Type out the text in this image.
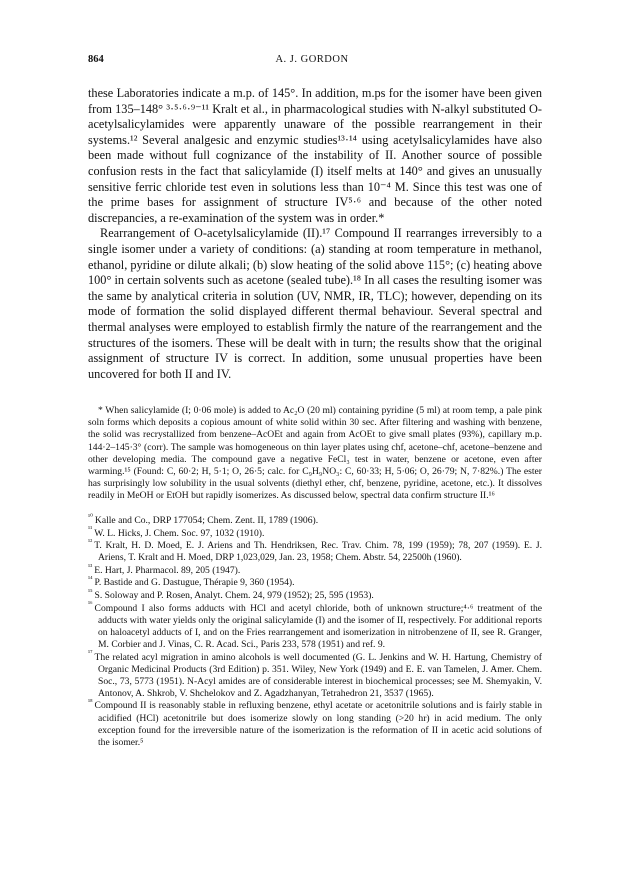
864	A. J. GORDON

these Laboratories indicate a m.p. of 145°. In addition, m.ps for the isomer have been given from 135–148° ³·⁵·⁶·⁹⁻¹¹ Kralt et al., in pharmacological studies with N-alkyl substituted O-acetylsalicylamides were apparently unaware of the possible rearrangement in their systems.¹² Several analgesic and enzymic studies¹³·¹⁴ using acetylsalicylamides have also been made without full cognizance of the instability of II. Another source of possible confusion rests in the fact that salicylamide (I) itself melts at 140° and gives an unusually sensitive ferric chloride test even in solutions less than 10⁻⁴ M. Since this test was one of the prime bases for assignment of structure IV⁵·⁶ and because of the other noted discrepancies, a re-examination of the system was in order.*

Rearrangement of O-acetylsalicylamide (II).¹⁷ Compound II rearranges irreversibly to a single isomer under a variety of conditions: (a) standing at room temperature in methanol, ethanol, pyridine or dilute alkali; (b) slow heating of the solid above 115°; (c) heating above 100° in certain solvents such as acetone (sealed tube).¹⁸ In all cases the resulting isomer was the same by analytical criteria in solution (UV, NMR, IR, TLC); however, depending on its mode of formation the solid displayed different thermal behaviour. Several spectral and thermal analyses were employed to establish firmly the nature of the rearrangement and the structures of the isomers. These will be dealt with in turn; the results show that the original assignment of structure IV is correct. In addition, some unusual properties have been uncovered for both II and IV.

* When salicylamide (I; 0·06 mole) is added to Ac₂O (20 ml) containing pyridine (5 ml) at room temp, a pale pink soln forms which deposits a copious amount of white solid within 30 sec. After filtering and washing with benzene, the solid was recrystallized from benzene–AcOEt and again from AcOEt to give small plates (93%), capillary m.p. 144·2–145·3° (corr). The sample was homogeneous on thin layer plates using chf, acetone–chf, acetone–benzene and other developing media. The compound gave a negative FeCl₃ test in water, benzene or acetone, even after warming.¹⁵ (Found: C, 60·2; H, 5·1; O, 26·5; calc. for C₉H₉NO₃: C, 60·33; H, 5·06; O, 26·79; N, 7·82%.) The ester has surprisingly low solubility in the usual solvents (diethyl ether, chf, benzene, pyridine, acetone, etc.). It dissolves readily in MeOH or EtOH but rapidly isomerizes. As discussed below, spectral data confirm structure II.¹⁶

$^{^{10}}$ Kalle and Co., DRP 177054; Chem. Zent. II, 1789 (1906).
$^{^{11}}$ W. L. Hicks, J. Chem. Soc. 97, 1032 (1910).
$^{^{12}}$ T. Kralt, H. D. Moed, E. J. Ariens and Th. Hendriksen, Rec. Trav. Chim. 78, 199 (1959); 78, 207 (1959). E. J. Ariens, T. Kralt and H. Moed, DRP 1,023,029, Jan. 23, 1958; Chem. Abstr. 54, 22500h (1960).
$^{^{13}}$ E. Hart, J. Pharmacol. 89, 205 (1947).
$^{^{14}}$ P. Bastide and G. Dastugue, Thérapie 9, 360 (1954).
$^{^{15}}$ S. Soloway and P. Rosen, Analyt. Chem. 24, 979 (1952); 25, 595 (1953).
$^{^{16}}$ Compound I also forms adducts with HCl and acetyl chloride, both of unknown structure;⁴·⁶ treatment of the adducts with water yields only the original salicylamide (I) and the isomer of II, respectively. For additional reports on haloacetyl adducts of I, and on the Fries rearrangement and isomerization in nitrobenzene of II, see R. Granger, M. Corbier and J. Vinas, C. R. Acad. Sci., Paris 233, 578 (1951) and ref. 9.
$^{^{17}}$ The related acyl migration in amino alcohols is well documented (G. L. Jenkins and W. H. Hartung, Chemistry of Organic Medicinal Products (3rd Edition) p. 351. Wiley, New York (1949) and E. E. van Tamelen, J. Amer. Chem. Soc., 73, 5773 (1951). N-Acyl amides are of considerable interest in biochemical processes; see M. Shemyakin, V. Antonov, A. Shkrob, V. Shchelokov and Z. Agadzhanyan, Tetrahedron 21, 3537 (1965).
$^{^{18}}$ Compound II is reasonably stable in refluxing benzene, ethyl acetate or acetonitrile solutions and is fairly stable in acidified (HCl) acetonitrile but does isomerize slowly on long standing (>20 hr) in acid medium. The only exception found for the irreversible nature of the isomerization is the reformation of II in acetic acid solutions of the isomer.⁵
